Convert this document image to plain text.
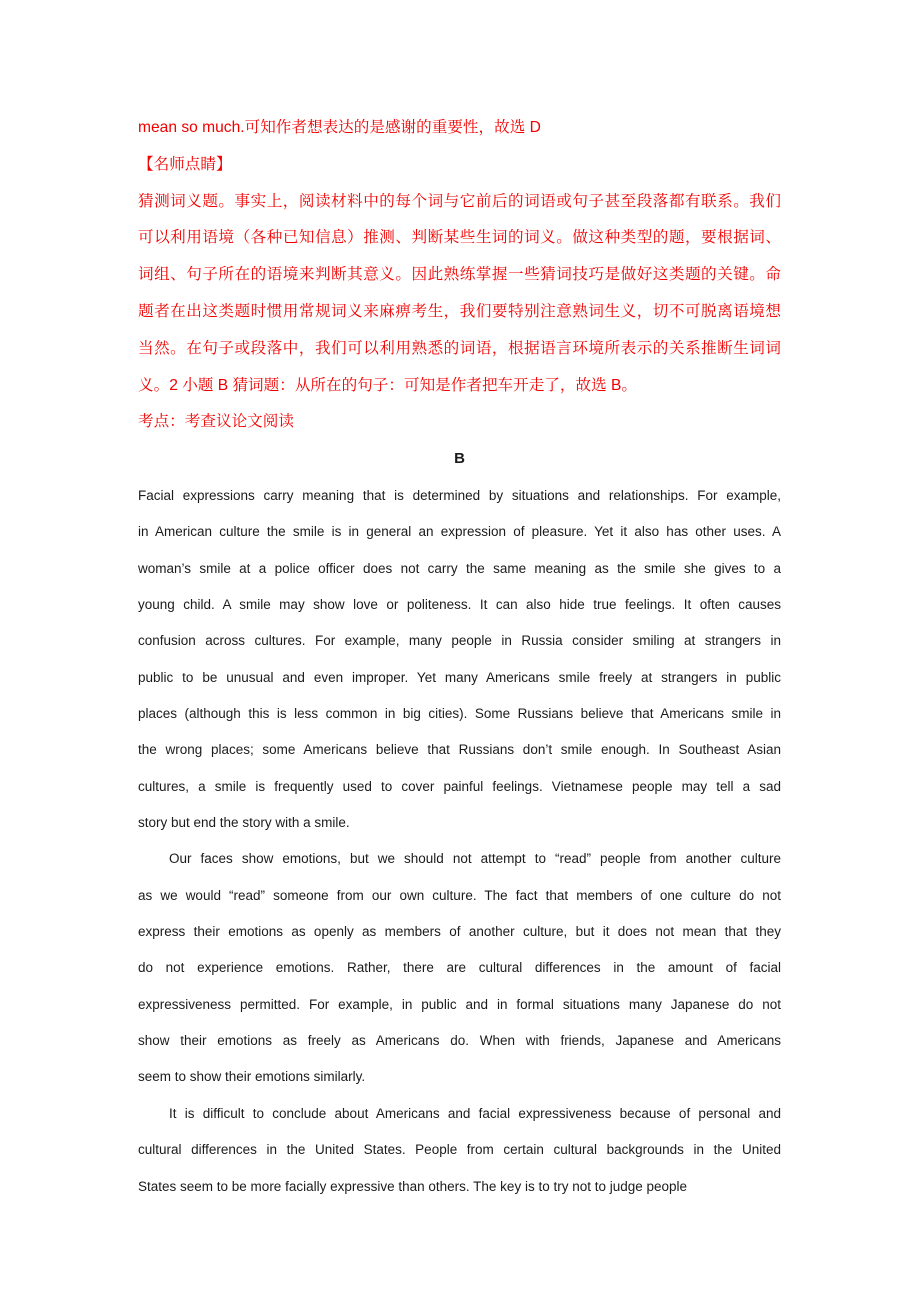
mean so much.可知作者想表达的是感谢的重要性，故选 D
【名师点睛】
猜测词义题。事实上，阅读材料中的每个词与它前后的词语或句子甚至段落都有联系。我们
可以利用语境（各种已知信息）推测、判断某些生词的词义。做这种类型的题，要根据词、
词组、句子所在的语境来判断其意义。因此熟练掌握一些猜词技巧是做好这类题的关键。命
题者在出这类题时惯用常规词义来麻痹考生，我们要特别注意熟词生义，切不可脱离语境想
当然。在句子或段落中，我们可以利用熟悉的词语，根据语言环境所表示的关系推断生词词
义。2 小题 B 猜词题：从所在的句子：可知是作者把车开走了，故选 B。
考点：考查议论文阅读
B
Facial expressions carry meaning that is determined by situations and relationships. For example,
in American culture the smile is in general an expression of pleasure. Yet it also has other uses. A
woman’s smile at a police officer does not carry the same meaning as the smile she gives to a
young child. A smile may show love or politeness. It can also hide true feelings. It often causes
confusion across cultures. For example, many people in Russia consider smiling at strangers in
public to be unusual and even improper. Yet many Americans smile freely at strangers in public
places (although this is less common in big cities). Some Russians believe that Americans smile in
the wrong places; some Americans believe that Russians don’t smile enough. In Southeast Asian
cultures, a smile is frequently used to cover painful feelings. Vietnamese people may tell a sad
story but end the story with a smile.
Our faces show emotions, but we should not attempt to “read” people from another culture
as we would “read” someone from our own culture. The fact that members of one culture do not
express their emotions as openly as members of another culture, but it does not mean that they
do not experience emotions. Rather, there are cultural differences in the amount of facial
expressiveness permitted. For example, in public and in formal situations many Japanese do not
show their emotions as freely as Americans do. When with friends, Japanese and Americans
seem to show their emotions similarly.
It is difficult to conclude about Americans and facial expressiveness because of personal and
cultural differences in the United States. People from certain cultural backgrounds in the United
States seem to be more facially expressive than others. The key is to try not to judge people
